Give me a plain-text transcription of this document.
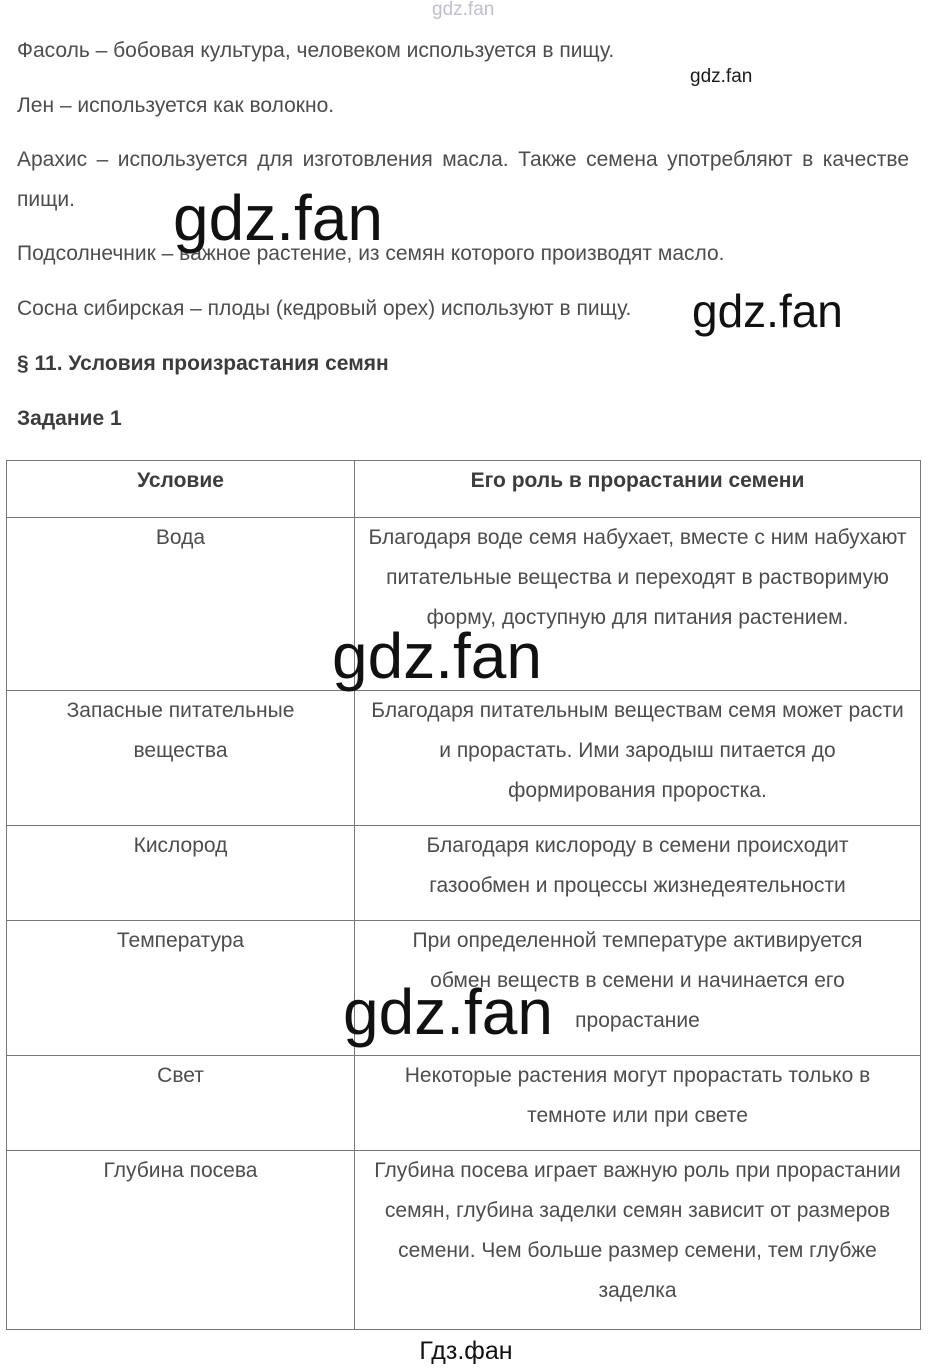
gdz.fan
gdz.fan
Фасоль – бобовая культура, человеком используется в пищу.
Лен – используется как волокно.
Арахис – используется для изготовления масла. Также семена употребляют в качестве пищи.
Подсолнечник – важное растение, из семян которого производят масло.
Сосна сибирская – плоды (кедровый орех) используют в пищу.
§ 11. Условия произрастания семян
Задание 1
Условие	Его роль в прорастании семени

Вода	Благодаря воде семя набухает, вместе с ним набухают питательные вещества и переходят в растворимую форму, доступную для питания растением.

Запасные питательные вещества	Благодаря питательным веществам семя может расти и прорастать. Ими зародыш питается до формирования проростка.

Кислород	Благодаря кислороду в семени происходит газообмен и процессы жизнедеятельности

Температура	При определенной температуре активируется обмен веществ в семени и начинается его прорастание

Свет	Некоторые растения могут прорастать только в темноте или при свете

Глубина посева	Глубина посева играет важную роль при прорастании семян, глубина заделки семян зависит от размеров семени. Чем больше размер семени, тем глубже заделка
gdz.fan
gdz.fan
gdz.fan
gdz.fan
Гдз.фан
